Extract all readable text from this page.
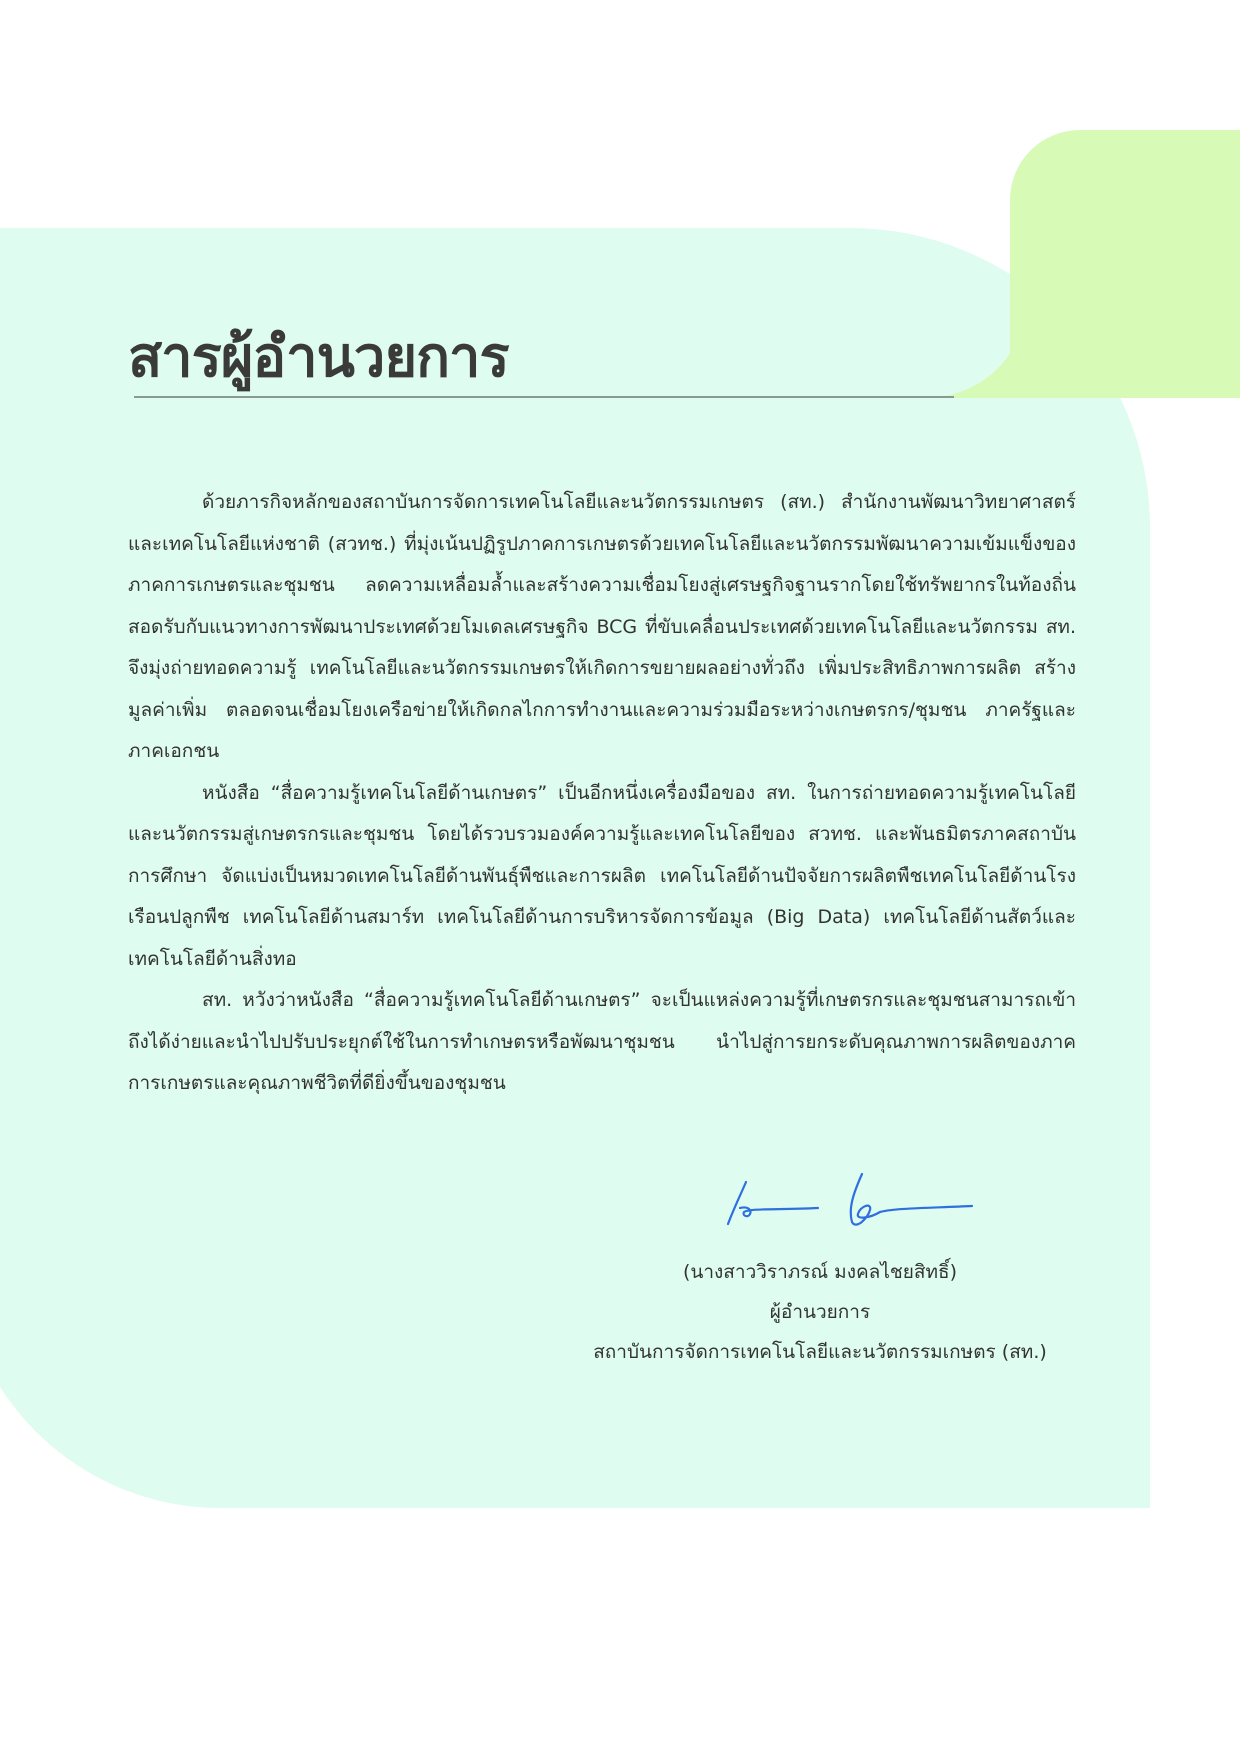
สารผู้อำนวยการ

ด้วยภารกิจหลักของสถาบันการจัดการเทคโนโลยีและนวัตกรรมเกษตร (สท.) สำนักงานพัฒนาวิทยาศาสตร์และเทคโนโลยีแห่งชาติ (สวทช.) ที่มุ่งเน้นปฏิรูปภาคการเกษตรด้วยเทคโนโลยีและนวัตกรรมพัฒนาความเข้มแข็งของภาคการเกษตรและชุมชน ลดความเหลื่อมล้ำและสร้างความเชื่อมโยงสู่เศรษฐกิจฐานรากโดยใช้ทรัพยากรในท้องถิ่น สอดรับกับแนวทางการพัฒนาประเทศด้วยโมเดลเศรษฐกิจ BCG ที่ขับเคลื่อนประเทศด้วยเทคโนโลยีและนวัตกรรม สท. จึงมุ่งถ่ายทอดความรู้ เทคโนโลยีและนวัตกรรมเกษตรให้เกิดการขยายผลอย่างทั่วถึง เพิ่มประสิทธิภาพการผลิต สร้างมูลค่าเพิ่ม ตลอดจนเชื่อมโยงเครือข่ายให้เกิดกลไกการทำงานและความร่วมมือระหว่างเกษตรกร/ชุมชน ภาครัฐและภาคเอกชน

หนังสือ “สื่อความรู้เทคโนโลยีด้านเกษตร” เป็นอีกหนึ่งเครื่องมือของ สท. ในการถ่ายทอดความรู้เทคโนโลยีและนวัตกรรมสู่เกษตรกรและชุมชน โดยได้รวบรวมองค์ความรู้และเทคโนโลยีของ สวทช. และพันธมิตรภาคสถาบันการศึกษา จัดแบ่งเป็นหมวดเทคโนโลยีด้านพันธุ์พืชและการผลิต เทคโนโลยีด้านปัจจัยการผลิตพืชเทคโนโลยีด้านโรงเรือนปลูกพืช เทคโนโลยีด้านสมาร์ท เทคโนโลยีด้านการบริหารจัดการข้อมูล (Big Data) เทคโนโลยีด้านสัตว์และเทคโนโลยีด้านสิ่งทอ

สท. หวังว่าหนังสือ “สื่อความรู้เทคโนโลยีด้านเกษตร” จะเป็นแหล่งความรู้ที่เกษตรกรและชุมชนสามารถเข้าถึงได้ง่ายและนำไปปรับประยุกต์ใช้ในการทำเกษตรหรือพัฒนาชุมชน นำไปสู่การยกระดับคุณภาพการผลิตของภาคการเกษตรและคุณภาพชีวิตที่ดียิ่งขึ้นของชุมชน

(นางสาววิราภรณ์ มงคลไชยสิทธิ์)
ผู้อำนวยการ
สถาบันการจัดการเทคโนโลยีและนวัตกรรมเกษตร (สท.)
